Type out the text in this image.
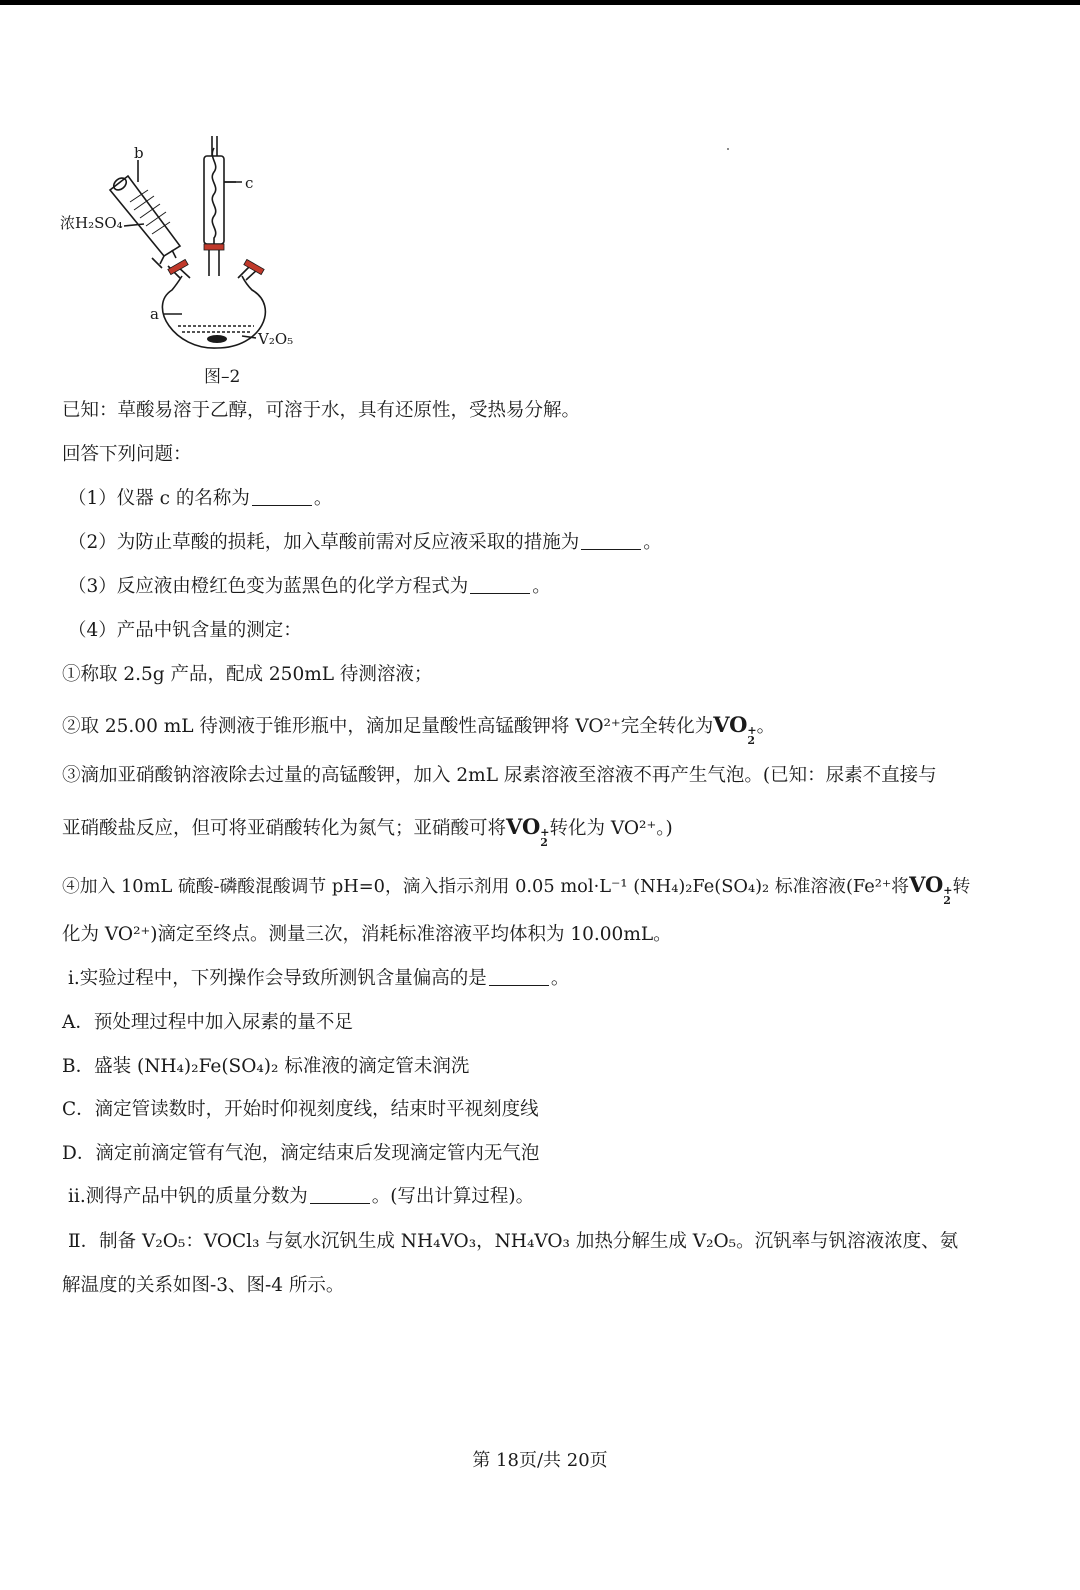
b
c
a
浓H₂SO₄
V₂O₅
图–2
已知：草酸易溶于乙醇，可溶于水，具有还原性，受热易分解。
回答下列问题：
（1）仪器 c 的名称为	。
（2）为防止草酸的损耗，加入草酸前需对反应液采取的措施为	。
（3）反应液由橙红色变为蓝黑色的化学方程式为	。
（4）产品中钒含量的测定：
①称取 2.5g 产品，配成 250mL 待测溶液；
②取 25.00 mL 待测液于锥形瓶中，滴加足量酸性高锰酸钾将 VO²⁺完全转化为VO +
2
。
③滴加亚硝酸钠溶液除去过量的高锰酸钾，加入 2mL 尿素溶液至溶液不再产生气泡。(已知：尿素不直接与
亚硝酸盐反应，但可将亚硝酸转化为氮气；亚硝酸可将VO +
2
转化为 VO²⁺。)
④加入 10mL 硫酸-磷酸混酸调节 pH=0，滴入指示剂用 0.05 mol·L⁻¹ (NH₄)₂Fe(SO₄)₂ 标准溶液(Fe²⁺将VO +
2
转
化为 VO²⁺)滴定至终点。测量三次，消耗标准溶液平均体积为 10.00mL。
ⅰ.实验过程中，下列操作会导致所测钒含量偏高的是	。
A．预处理过程中加入尿素的量不足
B．盛装 (NH₄)₂Fe(SO₄)₂ 标准液的滴定管未润洗
C．滴定管读数时，开始时仰视刻度线，结束时平视刻度线
D．滴定前滴定管有气泡，滴定结束后发现滴定管内无气泡
ⅱ.测得产品中钒的质量分数为	。(写出计算过程)。
Ⅱ．制备 V₂O₅：VOCl₃ 与氨水沉钒生成 NH₄VO₃，NH₄VO₃ 加热分解生成 V₂O₅。沉钒率与钒溶液浓度、氨
解温度的关系如图-3、图-4 所示。
第 18页/共 20页
